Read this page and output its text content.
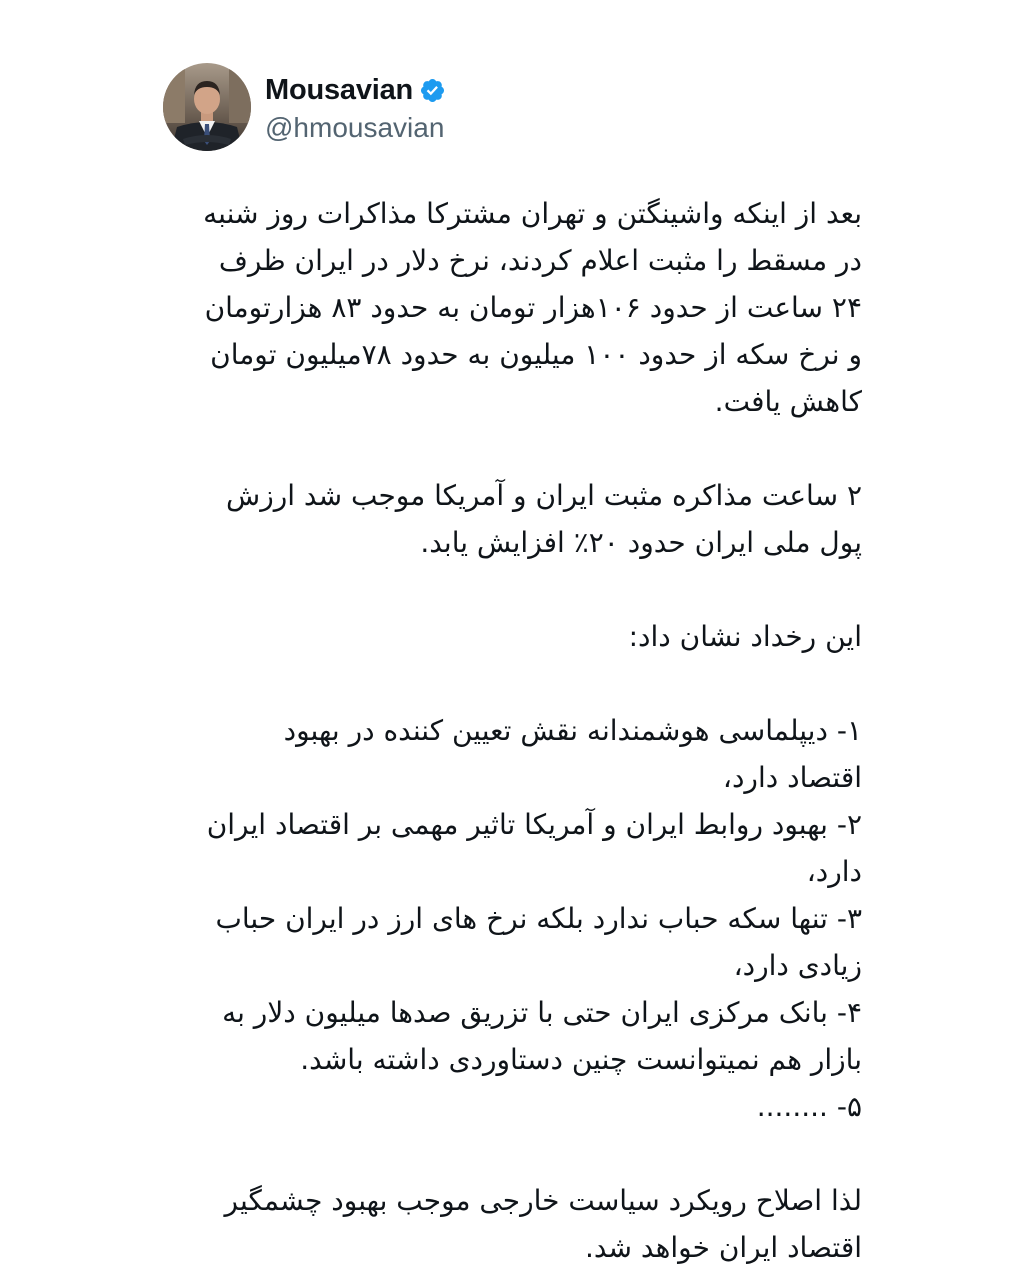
Mousavian
@hmousavian
بعد از اینکه واشینگتن و تهران مشترکا مذاکرات روز شنبه
در مسقط را مثبت اعلام کردند، نرخ دلار در ایران ظرف
۲۴ ساعت از حدود ۱۰۶هزار تومان به حدود ۸۳ هزارتومان
و نرخ سکه از حدود ۱۰۰ میلیون به حدود ۷۸میلیون تومان
کاهش یافت.
۲ ساعت مذاکره مثبت ایران و آمریکا موجب شد ارزش
پول ملی ایران حدود ۲۰٪ افزایش یابد.
این رخداد نشان داد:
۱- دیپلماسی هوشمندانه نقش تعیین کننده در بهبود
اقتصاد دارد،
۲- بهبود روابط ایران و آمریکا تاثیر مهمی بر اقتصاد ایران
دارد،
۳- تنها سکه حباب ندارد بلکه نرخ های ارز در ایران حباب
زیادی دارد،
۴- بانک مرکزی ایران حتی با تزریق صدها میلیون دلار به
بازار هم نمیتوانست چنین دستاوردی داشته باشد.
۵- ........
لذا اصلاح رویکرد سیاست خارجی موجب بهبود چشمگیر
اقتصاد ایران خواهد شد.
